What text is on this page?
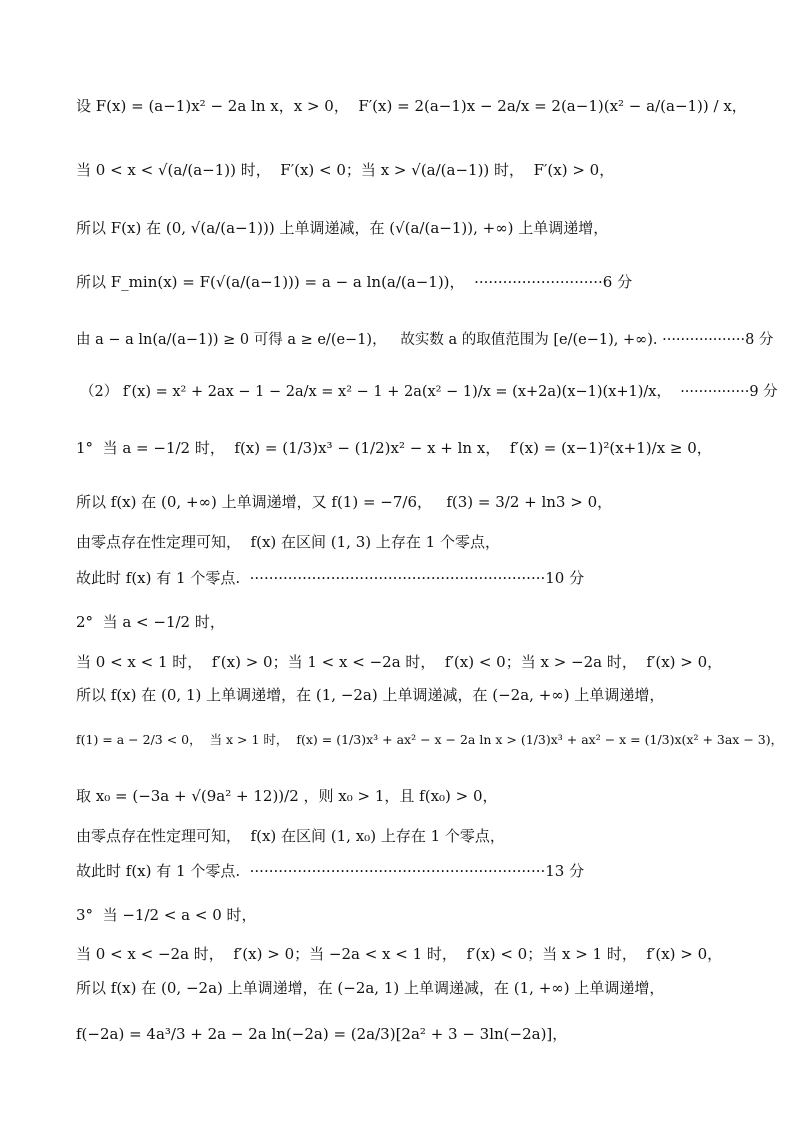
设 F(x) = (a−1)x² − 2a ln x，x > 0，  F′(x) = 2(a−1)x − 2a/x = 2(a−1)(x² − a/(a−1)) / x，
当 0 < x < √(a/(a−1)) 时，  F′(x) < 0；当 x > √(a/(a−1)) 时，  F′(x) > 0，
所以 F(x) 在 (0, √(a/(a−1))) 上单调递减，在 (√(a/(a−1)), +∞) 上单调递增，
所以 F_min(x) = F(√(a/(a−1))) = a − a ln(a/(a−1))，  ···························6 分
由 a − a ln(a/(a−1)) ≥ 0 可得 a ≥ e/(e−1)，   故实数 a 的取值范围为 [e/(e−1), +∞). ··················8 分
（2） f′(x) = x² + 2ax − 1 − 2a/x = x² − 1 + 2a(x² − 1)/x = (x+2a)(x−1)(x+1)/x，  ···············9 分
1°  当 a = −1/2 时，  f(x) = (1/3)x³ − (1/2)x² − x + ln x，  f′(x) = (x−1)²(x+1)/x ≥ 0，
所以 f(x) 在 (0, +∞) 上单调递增，又 f(1) = −7/6，   f(3) = 3/2 + ln3 > 0，
由零点存在性定理可知，  f(x) 在区间 (1, 3) 上存在 1 个零点，
故此时 f(x) 有 1 个零点.  ······························································10 分
2°  当 a < −1/2 时，
当 0 < x < 1 时，  f′(x) > 0；当 1 < x < −2a 时，  f′(x) < 0；当 x > −2a 时，  f′(x) > 0，
所以 f(x) 在 (0, 1) 上单调递增，在 (1, −2a) 上单调递减，在 (−2a, +∞) 上单调递增，
f(1) = a − 2/3 < 0，  当 x > 1 时，  f(x) = (1/3)x³ + ax² − x − 2a ln x > (1/3)x³ + ax² − x = (1/3)x(x² + 3ax − 3)，
取 x₀ = (−3a + √(9a² + 12))/2 ，则 x₀ > 1，且 f(x₀) > 0，
由零点存在性定理可知，  f(x) 在区间 (1, x₀) 上存在 1 个零点，
故此时 f(x) 有 1 个零点.  ······························································13 分
3°  当 −1/2 < a < 0 时，
当 0 < x < −2a 时，  f′(x) > 0；当 −2a < x < 1 时，  f′(x) < 0；当 x > 1 时，  f′(x) > 0，
所以 f(x) 在 (0, −2a) 上单调递增，在 (−2a, 1) 上单调递减，在 (1, +∞) 上单调递增，
f(−2a) = 4a³/3 + 2a − 2a ln(−2a) = (2a/3)[2a² + 3 − 3ln(−2a)]，
